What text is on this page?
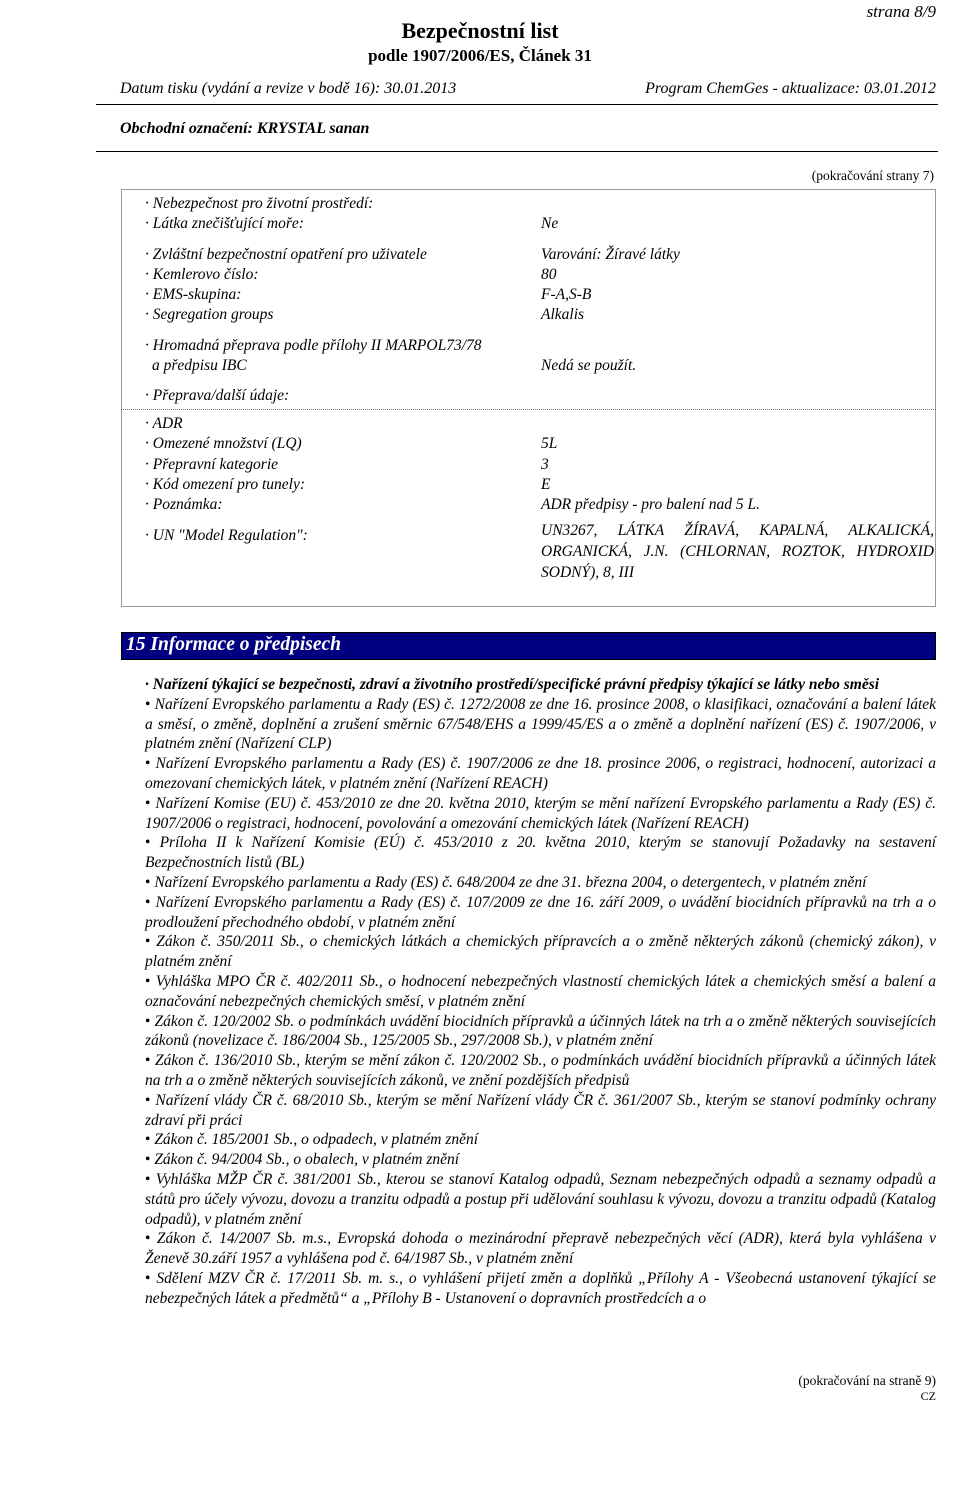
strana 8/9
Bezpečnostní list
podle 1907/2006/ES, Článek 31
Datum tisku (vydání a revize v bodě 16): 30.01.2013	Program ChemGes - aktualizace: 03.01.2012
Obchodní označení: KRYSTAL sanan
(pokračování strany 7)
· Nebezpečnost pro životní prostředí:
· Látka znečišťující moře:	Ne
· Zvláštní bezpečnostní opatření pro uživatele	Varování: Žíravé látky
· Kemlerovo číslo:	80
· EMS-skupina:	F-A,S-B
· Segregation groups	Alkalis
· Hromadná přeprava podle přílohy II MARPOL73/78
a předpisu IBC	Nedá se použít.
· Přeprava/další údaje:
· ADR
· Omezené množství (LQ)	5L
· Přepravní kategorie	3
· Kód omezení pro tunely:	E
· Poznámka:	ADR předpisy - pro balení nad 5 L.
· UN "Model Regulation":	UN3267, LÁTKA ŽÍRAVÁ, KAPALNÁ, ALKALICKÁ, ORGANICKÁ, J.N. (CHLORNAN, ROZTOK, HYDROXID SODNÝ), 8, III
15 Informace o předpisech
· Nařízení týkající se bezpečnosti, zdraví a životního prostředí/specifické právní předpisy týkající se látky nebo směsi
• Nařízení Evropského parlamentu a Rady (ES) č. 1272/2008 ze dne 16. prosince 2008, o klasifikaci, označování a balení látek a směsí, o změně, doplnění a zrušení směrnic 67/548/EHS a 1999/45/ES a o změně a doplnění nařízení (ES) č. 1907/2006, v platném znění (Nařízení CLP)
• Nařízení Evropského parlamentu a Rady (ES) č. 1907/2006 ze dne 18. prosince 2006, o registraci, hodnocení, autorizaci a omezovaní chemických látek, v platném znění (Nařízení REACH)
• Nařízení Komise (EU) č. 453/2010 ze dne 20. května 2010, kterým se mění nařízení Evropského parlamentu a Rady (ES) č. 1907/2006 o registraci, hodnocení, povolování a omezování chemických látek (Nařízení REACH)
• Príloha II k Nařízení Komisie (EÚ) č. 453/2010 z 20. května 2010, kterým se stanovují Požadavky na sestavení Bezpečnostních listů (BL)
• Nařízení Evropského parlamentu a Rady (ES) č. 648/2004 ze dne 31. března 2004, o detergentech, v platném znění
• Nařízení Evropského parlamentu a Rady (ES) č. 107/2009 ze dne 16. září 2009, o uvádění biocidních přípravků na trh a o prodloužení přechodného období, v platném znění
• Zákon č. 350/2011 Sb., o chemických látkách a chemických přípravcích a o změně některých zákonů (chemický zákon), v platném znění
• Vyhláška MPO ČR č. 402/2011 Sb., o hodnocení nebezpečných vlastností chemických látek a chemických směsí a balení a označování nebezpečných chemických směsí, v platném znění
• Zákon č. 120/2002 Sb. o podmínkách uvádění biocidních přípravků a účinných látek na trh a o změně některých souvisejících zákonů (novelizace č. 186/2004 Sb., 125/2005 Sb., 297/2008 Sb.), v platném znění
• Zákon č. 136/2010 Sb., kterým se mění zákon č. 120/2002 Sb., o podmínkách uvádění biocidních přípravků a účinných látek na trh a o změně některých souvisejících zákonů, ve znění pozdějších předpisů
• Nařízení vlády ČR č. 68/2010 Sb., kterým se mění Nařízení vlády ČR č. 361/2007 Sb., kterým se stanoví podmínky ochrany zdraví při práci
• Zákon č. 185/2001 Sb., o odpadech, v platném znění
• Zákon č. 94/2004 Sb., o obalech, v platném znění
• Vyhláška MŽP ČR č. 381/2001 Sb., kterou se stanoví Katalog odpadů, Seznam nebezpečných odpadů a seznamy odpadů a států pro účely vývozu, dovozu a tranzitu odpadů a postup při udělování souhlasu k vývozu, dovozu a tranzitu odpadů (Katalog odpadů), v platném znění
• Zákon č. 14/2007 Sb. m.s., Evropská dohoda o mezinárodní přepravě nebezpečných věcí (ADR), která byla vyhlášena v Ženevě 30.září 1957 a vyhlášena pod č. 64/1987 Sb., v platném znění
• Sdělení MZV ČR č. 17/2011 Sb. m. s., o vyhlášení přijetí změn a doplňků „Přílohy A - Všeobecná ustanovení týkající se nebezpečných látek a předmětů“ a „Přílohy B - Ustanovení o dopravních prostředcích a o
(pokračování na straně 9)
CZ
